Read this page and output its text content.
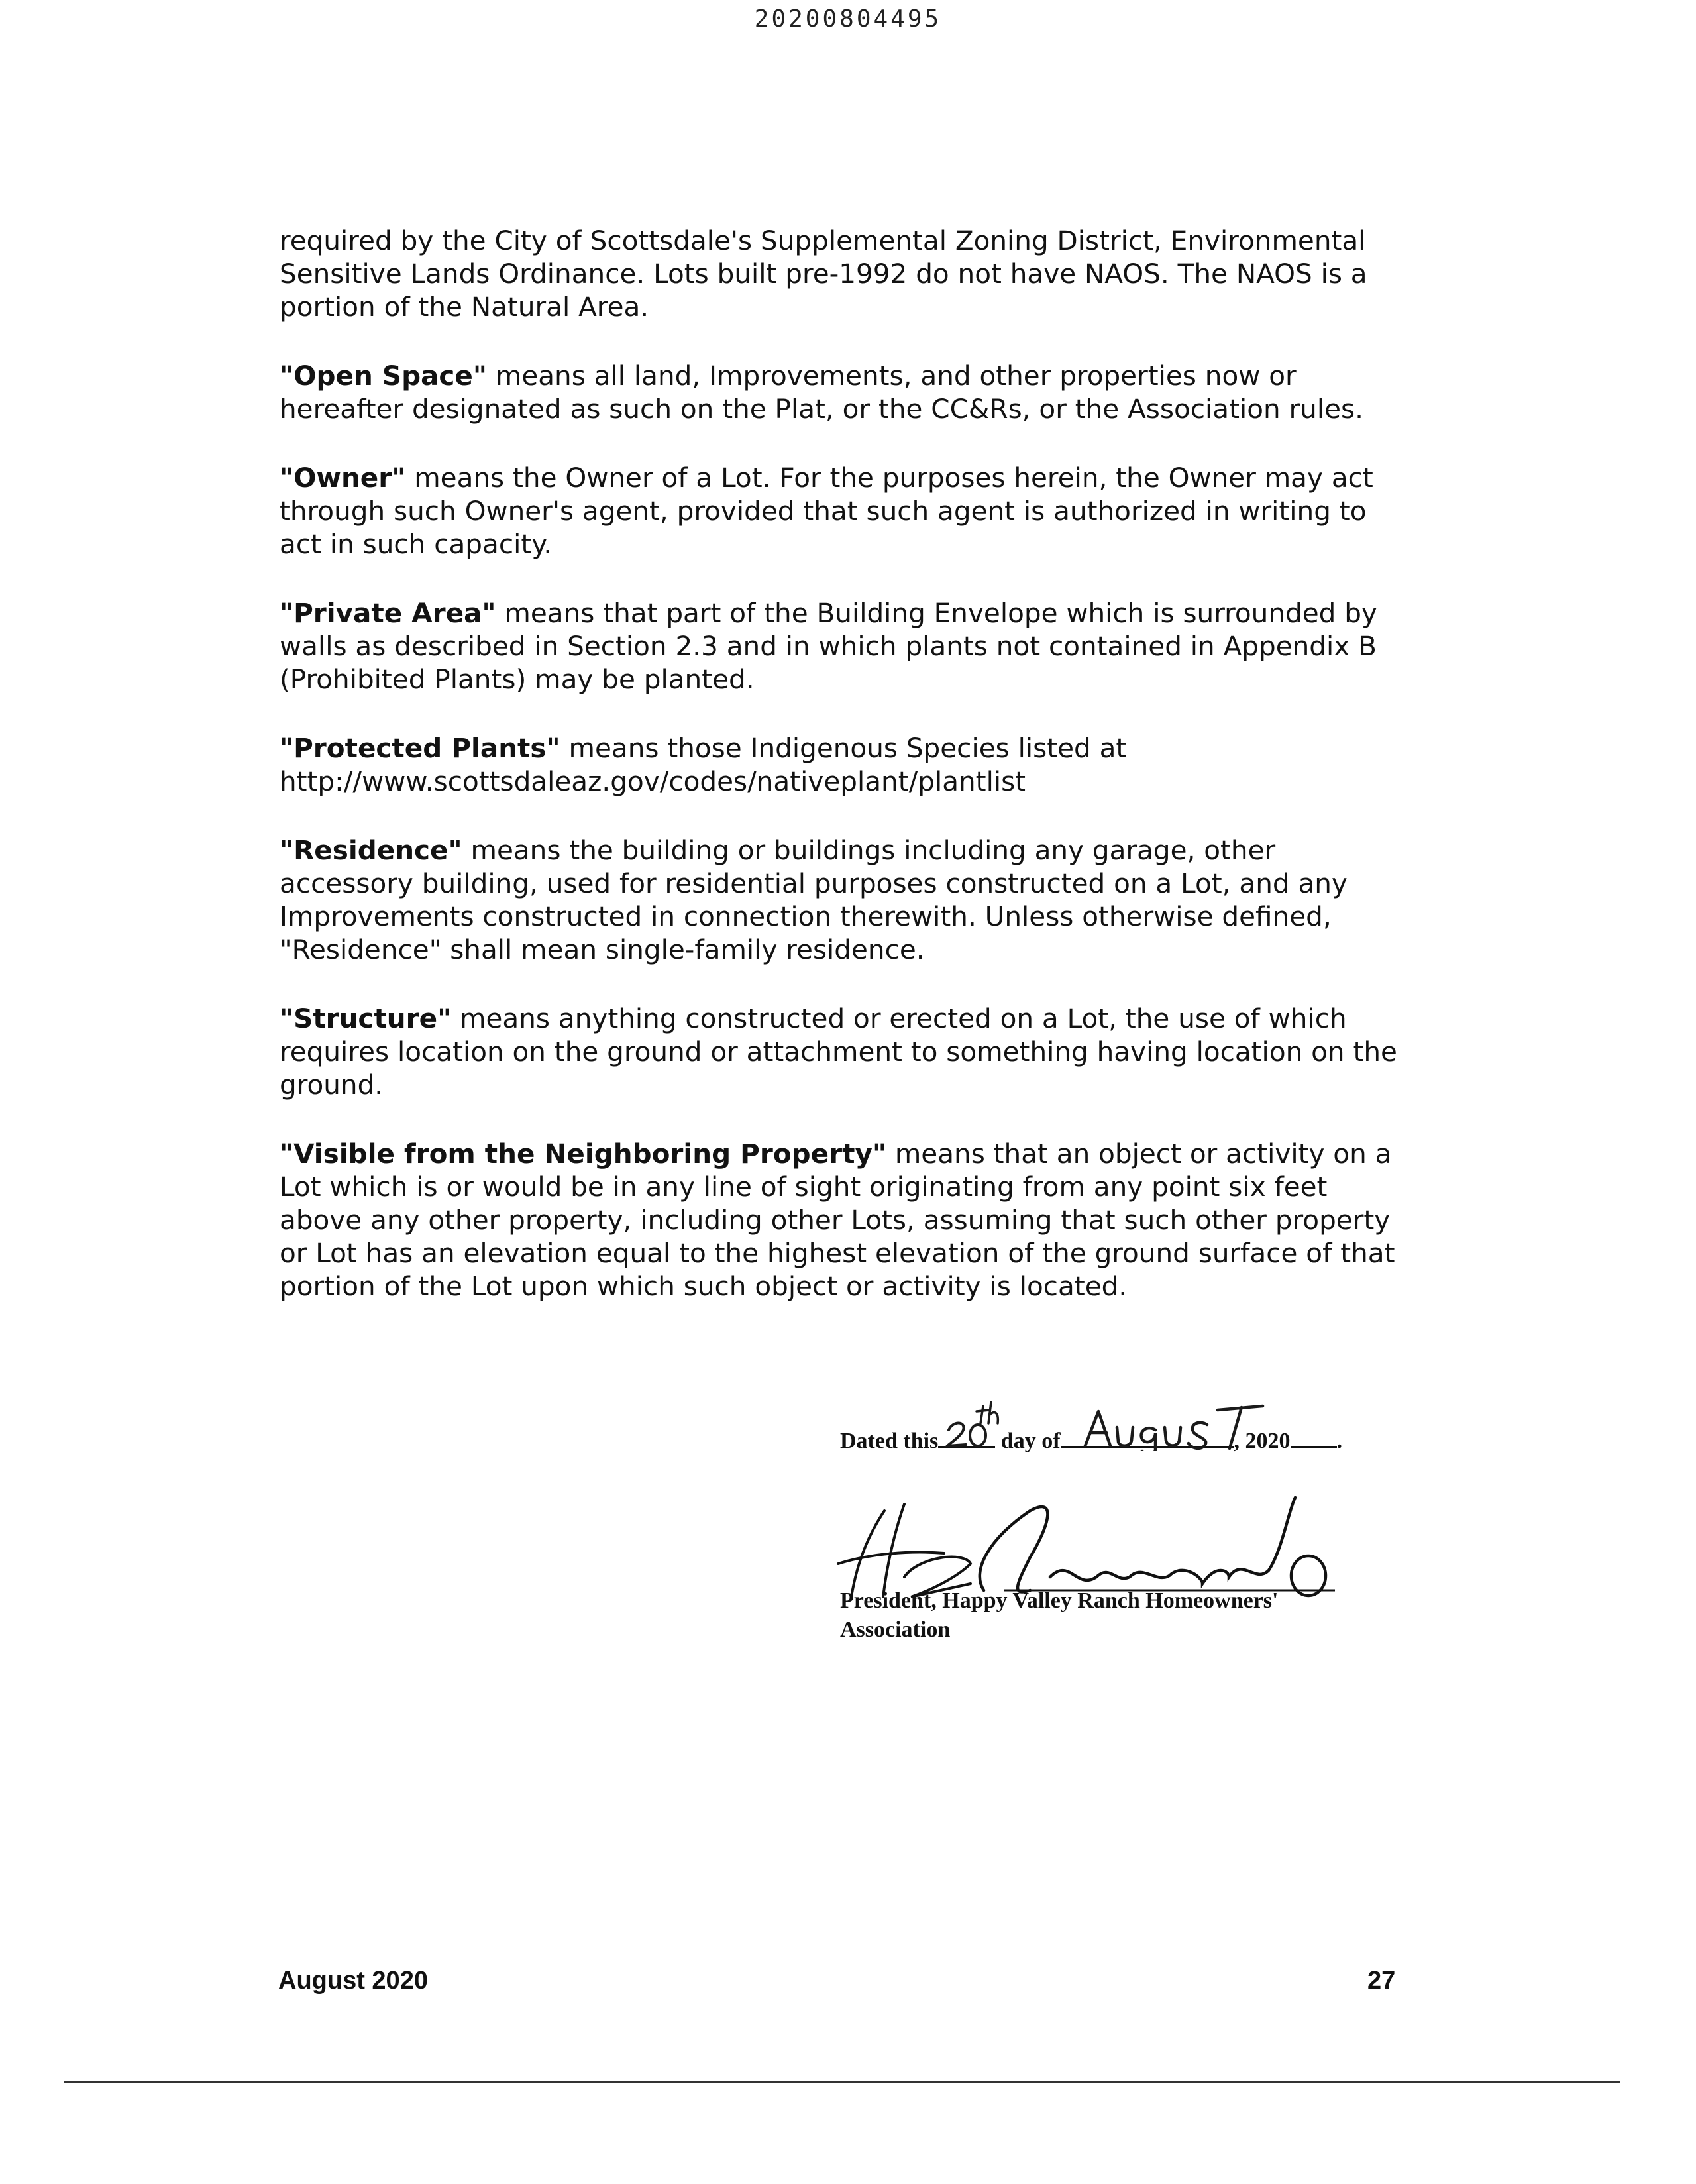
20200804495

required by the City of Scottsdale's Supplemental Zoning District, Environmental Sensitive Lands Ordinance. Lots built pre-1992 do not have NAOS. The NAOS is a portion of the Natural Area.

"Open Space" means all land, Improvements, and other properties now or hereafter designated as such on the Plat, or the CC&Rs, or the Association rules.

"Owner" means the Owner of a Lot. For the purposes herein, the Owner may act through such Owner's agent, provided that such agent is authorized in writing to act in such capacity.

"Private Area" means that part of the Building Envelope which is surrounded by walls as described in Section 2.3 and in which plants not contained in Appendix B (Prohibited Plants) may be planted.

"Protected Plants" means those Indigenous Species listed at http://www.scottsdaleaz.gov/codes/nativeplant/plantlist

"Residence" means the building or buildings including any garage, other accessory building, used for residential purposes constructed on a Lot, and any Improvements constructed in connection therewith. Unless otherwise defined, "Residence" shall mean single-family residence.

"Structure" means anything constructed or erected on a Lot, the use of which requires location on the ground or attachment to something having location on the ground.

"Visible from the Neighboring Property" means that an object or activity on a Lot which is or would be in any line of sight originating from any point six feet above any other property, including other Lots, assuming that such other property or Lot has an elevation equal to the highest elevation of the ground surface of that portion of the Lot upon which such object or activity is located.

Dated this	day of	, 2020 .
President, Happy Valley Ranch Homeowners'
Association
August 2020	27
